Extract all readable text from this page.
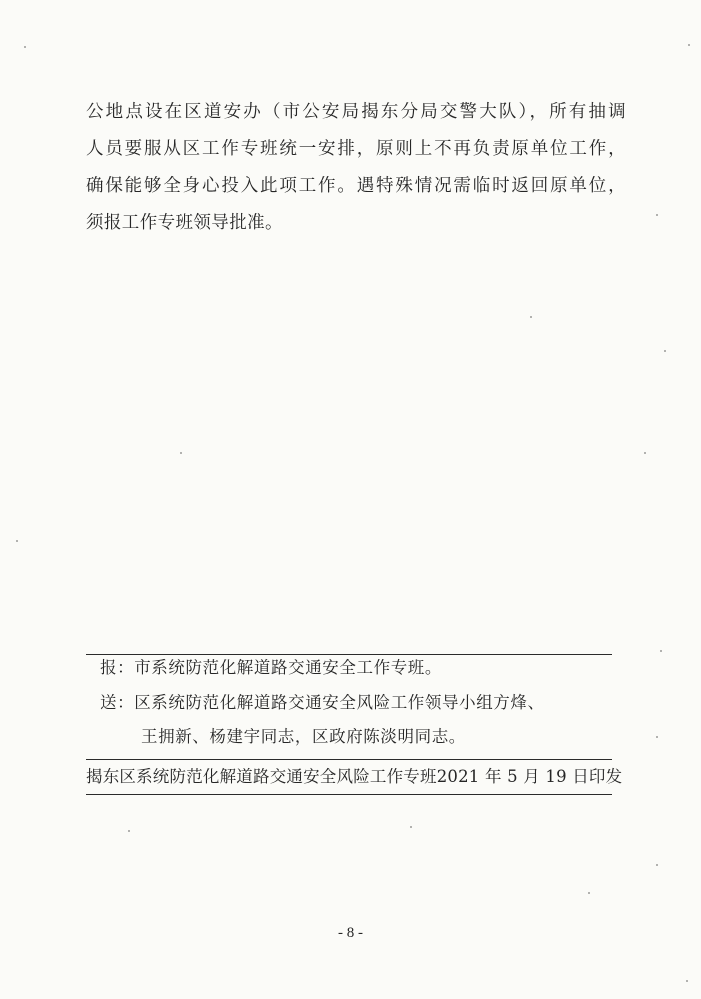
公地点设在区道安办（市公安局揭东分局交警大队），所有抽调
人员要服从区工作专班统一安排，原则上不再负责原单位工作，
确保能够全身心投入此项工作。遇特殊情况需临时返回原单位，
须报工作专班领导批准。
报：市系统防范化解道路交通安全工作专班。
送：区系统防范化解道路交通安全风险工作领导小组方烽、
王拥新、杨建宇同志，区政府陈淡明同志。
揭东区系统防范化解道路交通安全风险工作专班 2021 年 5 月 19 日印发
- 8 -
